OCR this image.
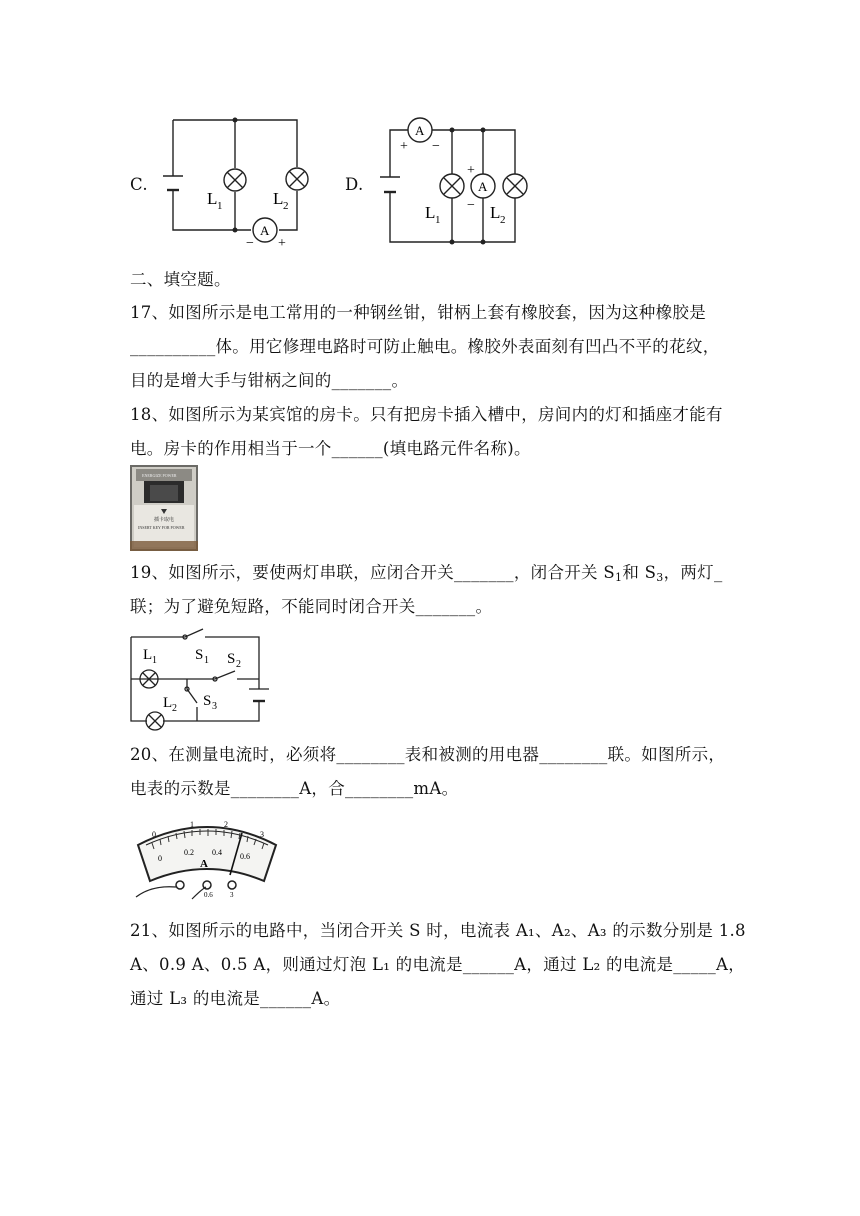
A
L 1	L 2
− +
C.	D.
A
A
+ −
+
−
L 1	L 2
二、填空题。
17、如图所示是电工常用的一种钢丝钳，钳柄上套有橡胶套，因为这种橡胶是
__________体。用它修理电路时可防止触电。橡胶外表面刻有凹凸不平的花纹，
目的是增大手与钳柄之间的_______。
18、如图所示为某宾馆的房卡。只有把房卡插入槽中，房间内的灯和插座才能有
电。房卡的作用相当于一个______(填电路元件名称)。
ENERGIZE POWER
插卡取电
INSERT KEY FOR POWER
19、如图所示，要使两灯串联，应闭合开关_______，闭合开关 $S_1$和 $S_3$，两灯_
联；为了避免短路，不能同时闭合开关_______。
L 1	S 1 S 2
L 2 S 3
20、在测量电流时，必须将________表和被测的用电器________联。如图所示，
电表的示数是________A，合________mA。
0
1	2
3
0
0.2 0.4 0.6
A
0.6 3
21、如图所示的电路中，当闭合开关 S 时，电流表 A₁、A₂、A₃ 的示数分别是 1.8
A、0.9 A、0.5 A，则通过灯泡 L₁ 的电流是______A，通过 L₂ 的电流是_____A，
通过 L₃ 的电流是______A。
